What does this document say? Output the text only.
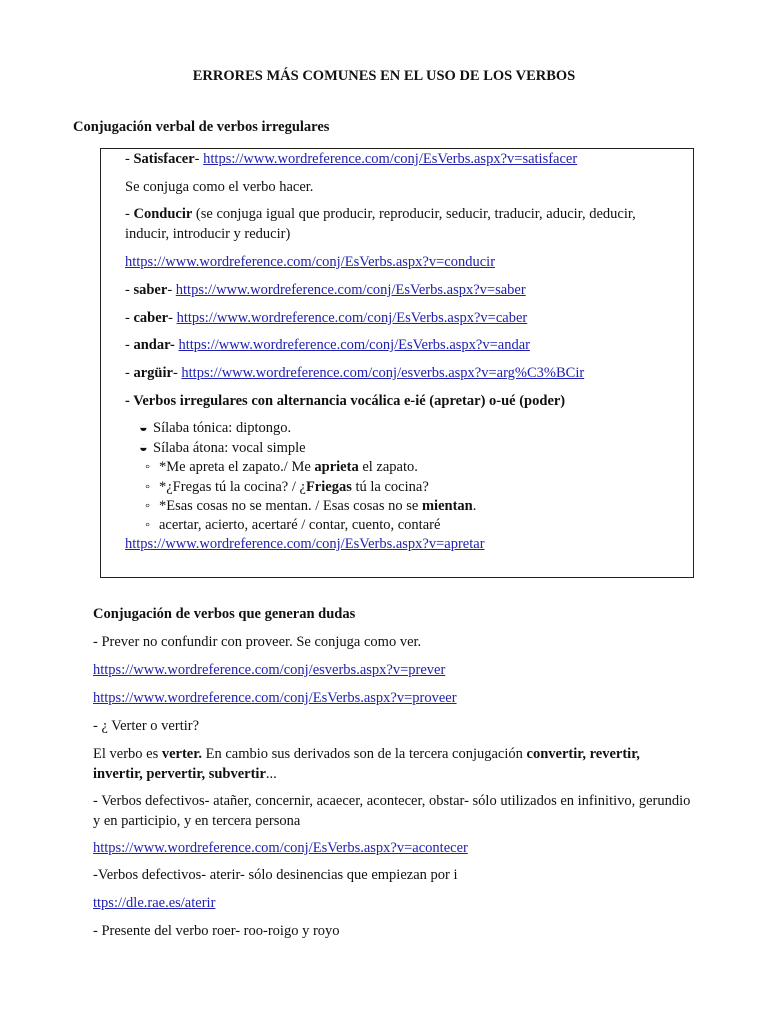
ERRORES MÁS COMUNES EN EL USO DE LOS VERBOS
Conjugación verbal de verbos irregulares
- Satisfacer- https://www.wordreference.com/conj/EsVerbs.aspx?v=satisfacer
Se conjuga como el verbo hacer.
- Conducir (se conjuga igual que producir, reproducir, seducir, traducir, aducir, deducir, inducir, introducir y reducir)
https://www.wordreference.com/conj/EsVerbs.aspx?v=conducir
- saber- https://www.wordreference.com/conj/EsVerbs.aspx?v=saber
- caber- https://www.wordreference.com/conj/EsVerbs.aspx?v=caber
- andar- https://www.wordreference.com/conj/EsVerbs.aspx?v=andar
- argüir- https://www.wordreference.com/conj/esverbs.aspx?v=arg%C3%BCir
- Verbos irregulares con alternancia vocálica e-ié (apretar) o-ué (poder)
◒ Sílaba tónica: diptongo.
◒ Sílaba átona: vocal simple
◦ *Me apreta el zapato./ Me aprieta el zapato.
◦ *¿Fregas tú la cocina? / ¿Friegas tú la cocina?
◦ *Esas cosas no se mentan. / Esas cosas no se mientan.
◦ acertar, acierto, acertaré / contar, cuento, contaré
https://www.wordreference.com/conj/EsVerbs.aspx?v=apretar
Conjugación de verbos que generan dudas
- Prever no confundir con proveer. Se conjuga como ver.
https://www.wordreference.com/conj/esverbs.aspx?v=prever
https://www.wordreference.com/conj/EsVerbs.aspx?v=proveer
- ¿ Verter o vertir?
El verbo es verter. En cambio sus derivados son de la tercera conjugación convertir, revertir, invertir, pervertir, subvertir...
- Verbos defectivos- atañer, concernir, acaecer, acontecer, obstar- sólo utilizados en infinitivo, gerundio y en participio, y en tercera persona
https://www.wordreference.com/conj/EsVerbs.aspx?v=acontecer
-Verbos defectivos- aterir- sólo desinencias que empiezan por i
ttps://dle.rae.es/aterir
- Presente del verbo roer- roo-roigo y royo
